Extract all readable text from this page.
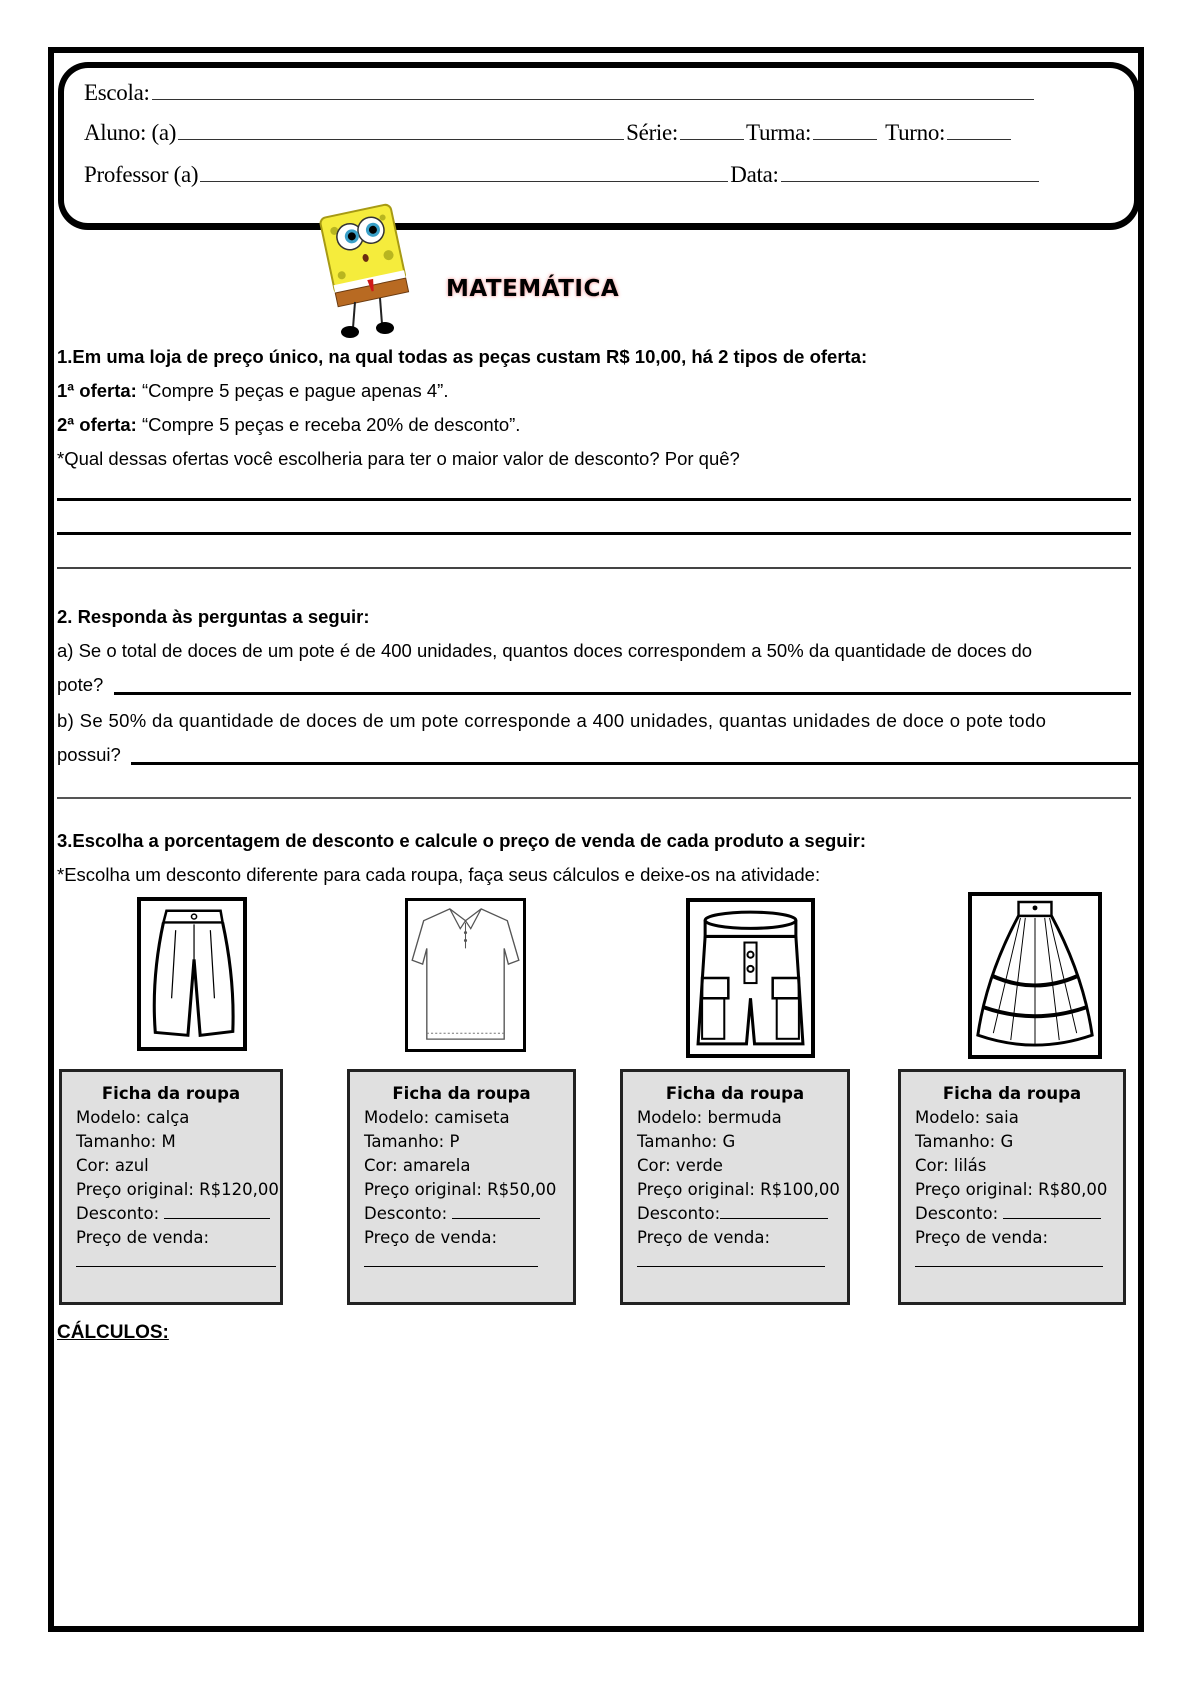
Escola:
Aluno: (a)	Série:	Turma:	Turno:
Professor (a)	Data:
MATEMÁTICA
1.Em uma loja de preço único, na qual todas as peças custam R$ 10,00, há 2 tipos de oferta:
1ª oferta: “Compre 5 peças e pague apenas 4”.
2ª oferta: “Compre 5 peças e receba 20% de desconto”.
*Qual dessas ofertas você escolheria para ter o maior valor de desconto? Por quê?
2. Responda às perguntas a seguir:
a) Se o total de doces de um pote é de 400 unidades, quantos doces correspondem a 50% da quantidade de doces do
pote?
b) Se 50% da quantidade de doces de um pote corresponde a 400 unidades, quantas unidades de doce o pote todo
possui?
3.Escolha a porcentagem de desconto e calcule o preço de venda de cada produto a seguir:
*Escolha um desconto diferente para cada roupa, faça seus cálculos e deixe-os na atividade:
Ficha da roupa
Modelo: calça
Tamanho: M
Cor: azul
Preço original: R$120,00
Desconto:
Preço de venda:
Ficha da roupa
Modelo: camiseta
Tamanho: P
Cor: amarela
Preço original: R$50,00
Desconto:
Preço de venda:
Ficha da roupa
Modelo: bermuda
Tamanho: G
Cor: verde
Preço original: R$100,00
Desconto:
Preço de venda:
Ficha da roupa
Modelo: saia
Tamanho: G
Cor: lilás
Preço original: R$80,00
Desconto:
Preço de venda:
CÁLCULOS:
